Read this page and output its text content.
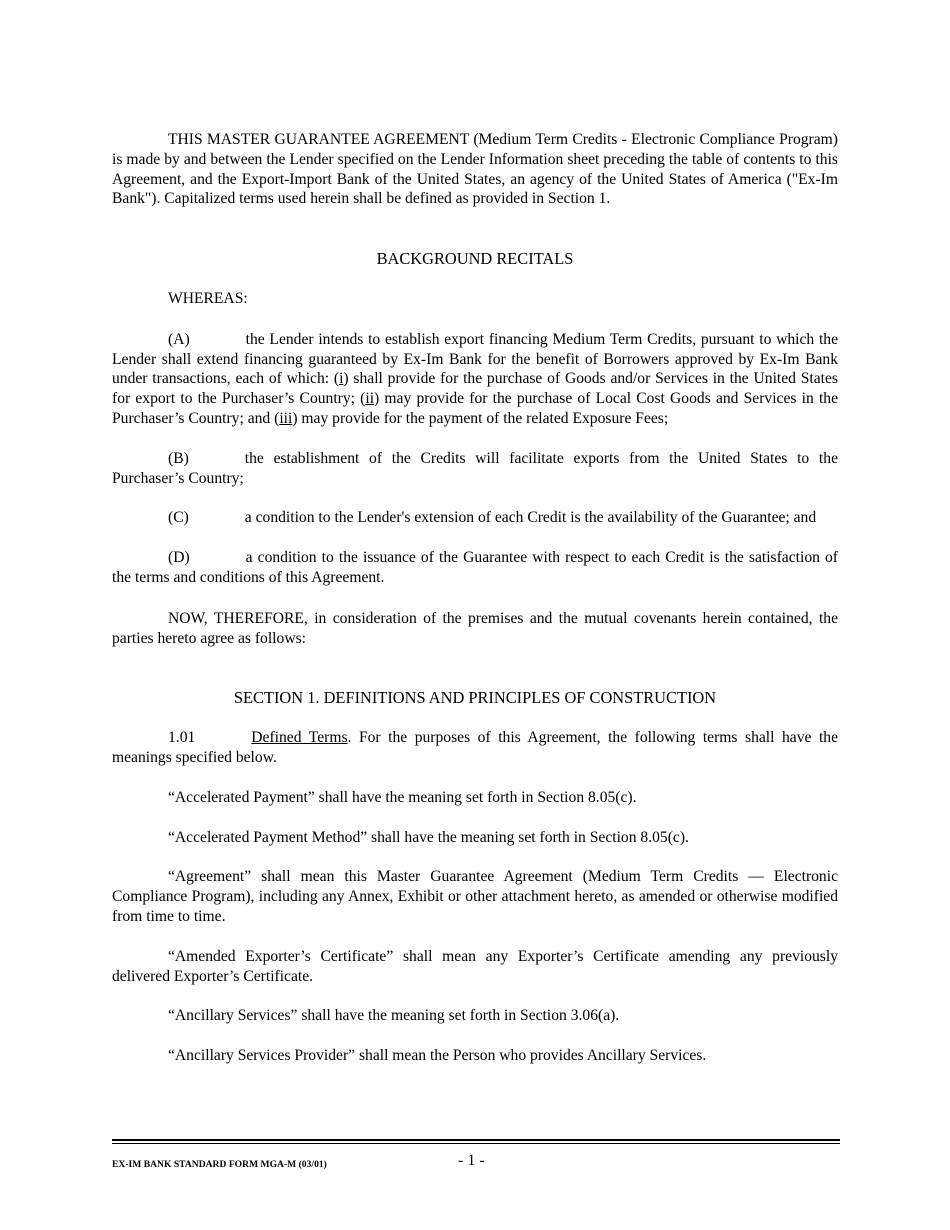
THIS MASTER GUARANTEE AGREEMENT (Medium Term Credits - Electronic Compliance Program) is made by and between the Lender specified on the Lender Information sheet preceding the table of contents to this Agreement, and the Export-Import Bank of the United States, an agency of the United States of America ("Ex-Im Bank"). Capitalized terms used herein shall be defined as provided in Section 1.

BACKGROUND RECITALS

WHEREAS:

(A)	the Lender intends to establish export financing Medium Term Credits, pursuant to which the Lender shall extend financing guaranteed by Ex-Im Bank for the benefit of Borrowers approved by Ex-Im Bank under transactions, each of which: (i) shall provide for the purchase of Goods and/or Services in the United States for export to the Purchaser’s Country; (ii) may provide for the purchase of Local Cost Goods and Services in the Purchaser’s Country; and (iii) may provide for the payment of the related Exposure Fees;

(B)	the establishment of the Credits will facilitate exports from the United States to the Purchaser’s Country;

(C)	a condition to the Lender's extension of each Credit is the availability of the Guarantee; and

(D)	a condition to the issuance of the Guarantee with respect to each Credit is the satisfaction of the terms and conditions of this Agreement.

NOW, THEREFORE, in consideration of the premises and the mutual covenants herein contained, the parties hereto agree as follows:

SECTION 1. DEFINITIONS AND PRINCIPLES OF CONSTRUCTION

1.01	Defined Terms. For the purposes of this Agreement, the following terms shall have the meanings specified below.

“Accelerated Payment” shall have the meaning set forth in Section 8.05(c).

“Accelerated Payment Method” shall have the meaning set forth in Section 8.05(c).

“Agreement” shall mean this Master Guarantee Agreement (Medium Term Credits — Electronic Compliance Program), including any Annex, Exhibit or other attachment hereto, as amended or otherwise modified from time to time.

“Amended Exporter’s Certificate” shall mean any Exporter’s Certificate amending any previously delivered Exporter’s Certificate.

“Ancillary Services” shall have the meaning set forth in Section 3.06(a).

“Ancillary Services Provider” shall mean the Person who provides Ancillary Services.

EX-IM BANK STANDARD FORM MGA-M (03/01)	- 1 -
